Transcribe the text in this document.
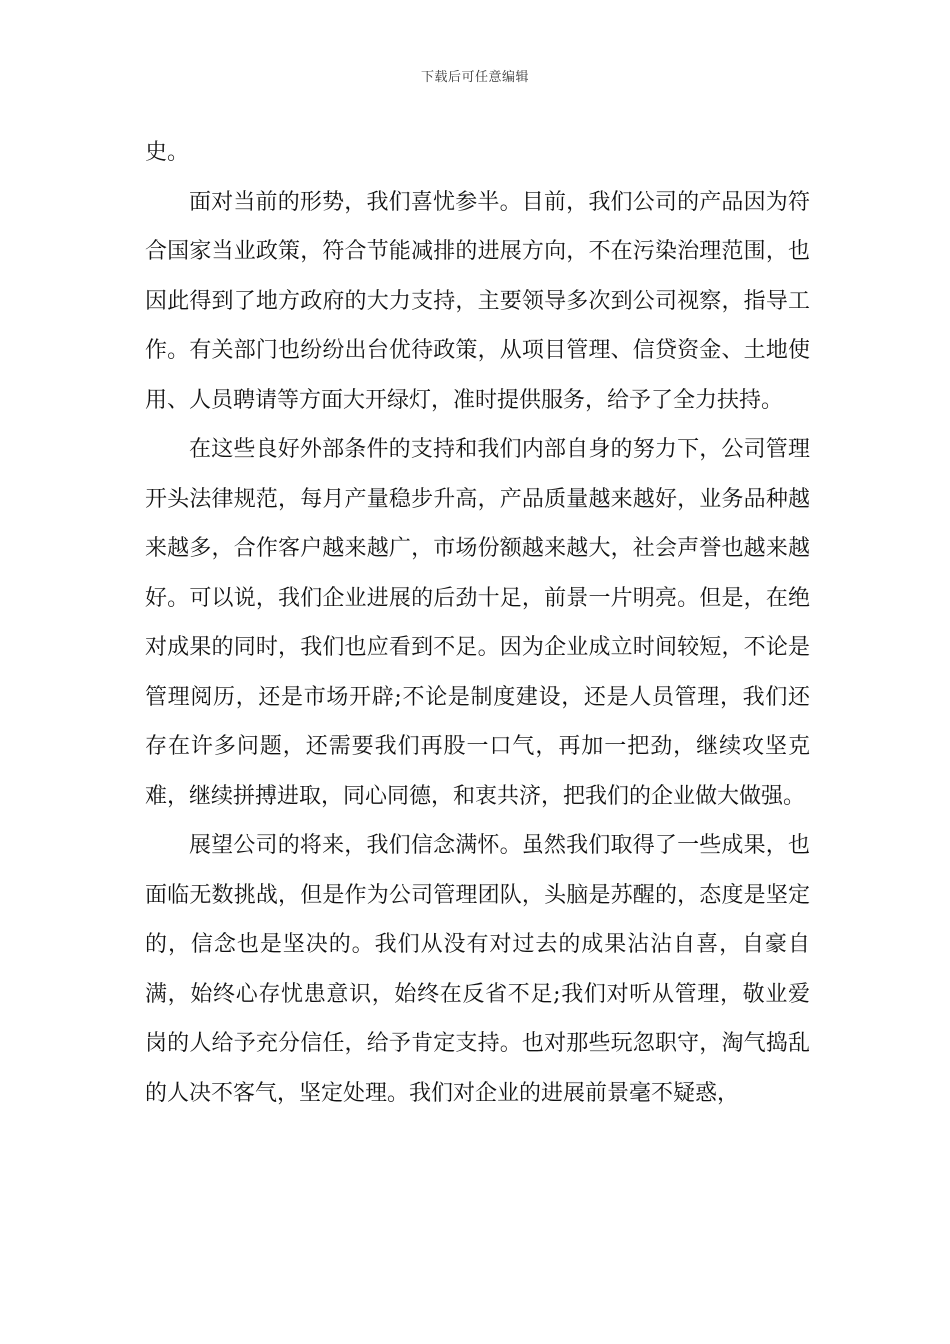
下载后可任意编辑

史。

面对当前的形势，我们喜忧参半。目前，我们公司的产品因为符合国家当业政策，符合节能减排的进展方向，不在污染治理范围，也因此得到了地方政府的大力支持，主要领导多次到公司视察，指导工作。有关部门也纷纷出台优待政策，从项目管理、信贷资金、土地使用、人员聘请等方面大开绿灯，准时提供服务，给予了全力扶持。

在这些良好外部条件的支持和我们内部自身的努力下，公司管理开头法律规范，每月产量稳步升高，产品质量越来越好，业务品种越来越多，合作客户越来越广，市场份额越来越大，社会声誉也越来越好。可以说，我们企业进展的后劲十足，前景一片明亮。但是，在绝对成果的同时，我们也应看到不足。因为企业成立时间较短，不论是管理阅历，还是市场开辟;不论是制度建设，还是人员管理，我们还存在许多问题，还需要我们再股一口气，再加一把劲，继续攻坚克难，继续拼搏进取，同心同德，和衷共济，把我们的企业做大做强。

展望公司的将来，我们信念满怀。虽然我们取得了一些成果，也面临无数挑战，但是作为公司管理团队，头脑是苏醒的，态度是坚定的，信念也是坚决的。我们从没有对过去的成果沾沾自喜，自豪自满，始终心存忧患意识，始终在反省不足;我们对听从管理，敬业爱岗的人给予充分信任，给予肯定支持。也对那些玩忽职守，淘气捣乱的人决不客气，坚定处理。我们对企业的进展前景毫不疑惑，
